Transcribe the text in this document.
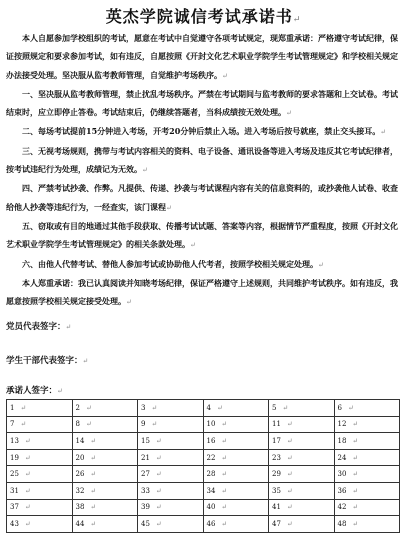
英杰学院诚信考试承诺书↵

本人自愿参加学校组织的考试，愿意在考试中自觉遵守各项考试规定，现郑重承诺：严格遵守考试纪律，保证按照规定和要求参加考试，如有违反，自愿按照《开封文化艺术职业学院学生考试管理规定》和学校相关规定办法接受处理。坚决服从监考教师管理，自觉维护考场秩序。↵

一、坚决服从监考教师管理，禁止扰乱考场秩序。严禁在考试期间与监考教师的要求答题和上交试卷。考试结束时，应立即停止答卷。考试结束后，仍继续答题者，当科成绩按无效处理。↵

二、每场考试提前15分钟进入考场，开考20分钟后禁止入场。进入考场后按号就座，禁止交头接耳。↵

三、无视考场规则，携带与考试内容相关的资料、电子设备、通讯设备等进入考场及违反其它考试纪律者，按考试违纪行为处理，成绩记为无效。↵

四、严禁考试抄袭、作弊。凡提供、传递、抄袭与考试课程内容有关的信息资料的，或抄袭他人试卷、收查给他人抄袭等违纪行为，一经查实，该门课程↵

五、窃取或有目的地通过其他手段获取、传播考试试题、答案等内容，根据情节严重程度，按照《开封文化艺术职业学院学生考试管理规定》的相关条款处理。↵

六、由他人代替考试、替他人参加考试或协助他人代考者，按照学校相关规定处理。↵

本人郑重承诺：我已认真阅读并知晓考场纪律，保证严格遵守上述规则，共同维护考试秩序。如有违反，我愿意按照学校相关规定接受处理。↵

党员代表签字：↵
学生干部代表签字：↵
承诺人签字：↵
1 ↵	2 ↵	3 ↵	4 ↵	5 ↵	6 ↵
7 ↵	8 ↵	9 ↵	10 ↵	11 ↵	12 ↵
13 ↵	14 ↵	15 ↵	16 ↵	17 ↵	18 ↵
19 ↵	20 ↵	21 ↵	22 ↵	23 ↵	24 ↵
25 ↵	26 ↵	27 ↵	28 ↵	29 ↵	30 ↵
31 ↵	32 ↵	33 ↵	34 ↵	35 ↵	36 ↵
37 ↵	38 ↵	39 ↵	40 ↵	41 ↵	42 ↵
43 ↵	44 ↵	45 ↵	46 ↵	47 ↵	48 ↵
